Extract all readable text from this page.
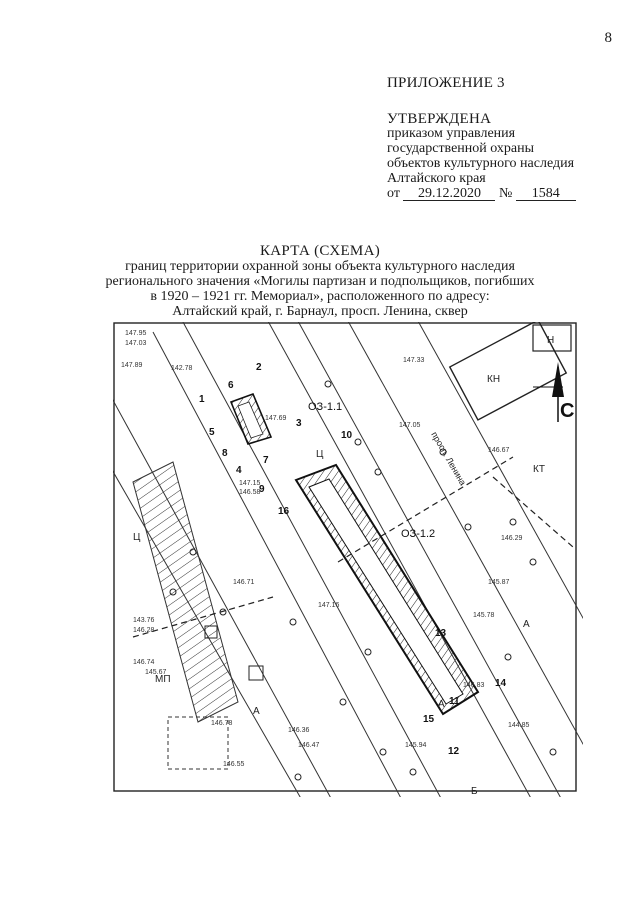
8
ПРИЛОЖЕНИЕ 3
УТВЕРЖДЕНА
приказом управления
государственной охраны
объектов культурного наследия
Алтайского края
от 29.12.2020 № 1584
КАРТА (СХЕМА)
границ территории охранной зоны объекта культурного наследия
регионального значения «Могилы партизан и подпольщиков, погибших
в 1920 – 1921 гг. Мемориал», расположенного по адресу:
Алтайский край, г. Барнаул, просп. Ленина, сквер
С
просп. Ленина
ОЗ-1.1
ОЗ-1.2
1
2
3
4
5
6
7
8
9
10
11
12
13
14
15
16
147.95
147.03
147.89	142.78
147.33
146.67
147.15
146.58
147.69
147.05
146.29
145.87
146.78
146.55
146.36
146.47	145.94
146.83
144.85
146.71
143.76
146.28
146.74
145.67
147.16
145.78
Н
КН
Ц
Ц
А
А
А
МП
Б
КТ
